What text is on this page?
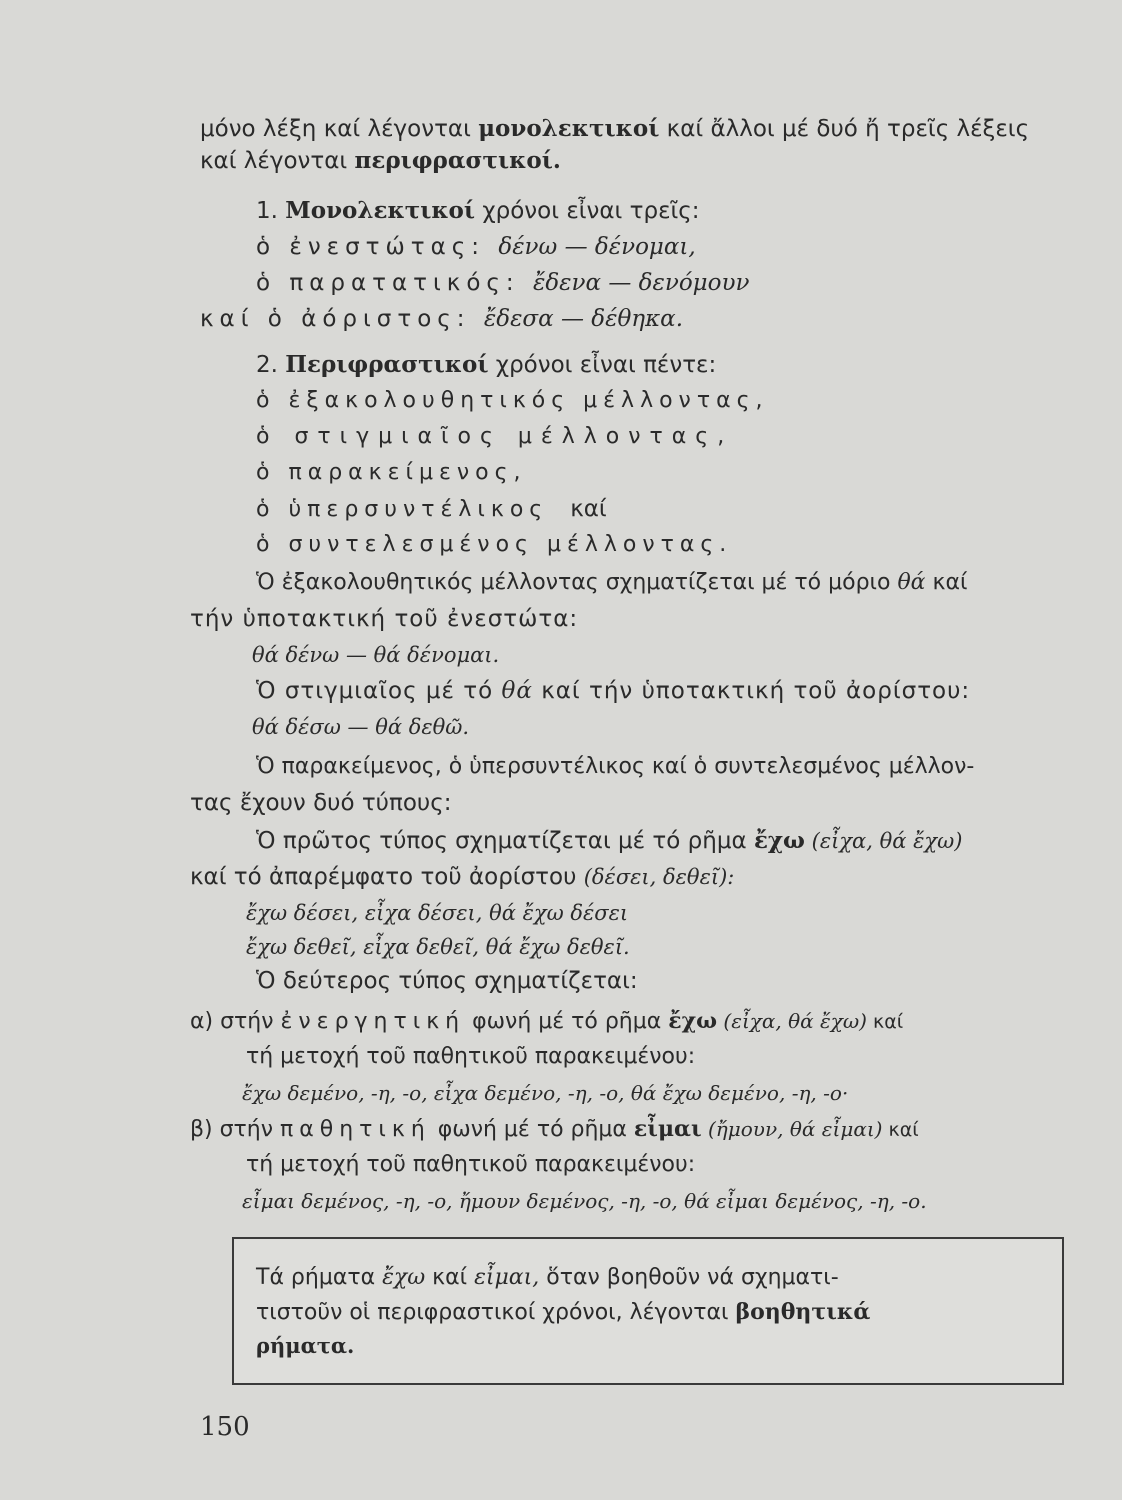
μόνο λέξη καί λέγονται μονολεκτικοί καί ἄλλοι μέ δυό ἤ τρεῖς λέξεις
καί λέγονται περιφραστικοί.
1. Μονολεκτικοί χρόνοι εἶναι τρεῖς:
ὁ ἐνεστώτας: δένω — δένομαι,
ὁ παρατατικός: ἔδενα — δενόμουν
καί ὁ ἀόριστος: ἔδεσα — δέθηκα.
2. Περιφραστικοί χρόνοι εἶναι πέντε:
ὁ ἐξακολουθητικός μέλλοντας,
ὁ στιγμιαῖος μέλλοντας,
ὁ παρακείμενος,
ὁ ὑπερσυντέλικος καί
ὁ συντελεσμένος μέλλοντας.
Ὁ ἐξακολουθητικός μέλλοντας σχηματίζεται μέ τό μόριο θά καί
τήν ὑποτακτική τοῦ ἐνεστώτα:
θά δένω — θά δένομαι.
Ὁ στιγμιαῖος μέ τό θά καί τήν ὑποτακτική τοῦ ἀορίστου:
θά δέσω — θά δεθῶ.
Ὁ παρακείμενος, ὁ ὑπερσυντέλικος καί ὁ συντελεσμένος μέλλον-
τας ἔχουν δυό τύπους:
Ὁ πρῶτος τύπος σχηματίζεται μέ τό ρῆμα ἔχω (εἶχα, θά ἔχω)
καί τό ἀπαρέμφατο τοῦ ἀορίστου (δέσει, δεθεῖ):
ἔχω δέσει, εἶχα δέσει, θά ἔχω δέσει
ἔχω δεθεῖ, εἶχα δεθεῖ, θά ἔχω δεθεῖ.
Ὁ δεύτερος τύπος σχηματίζεται:
α) στήν ἐνεργητική φωνή μέ τό ρῆμα ἔχω (εἶχα, θά ἔχω) καί
τή μετοχή τοῦ παθητικοῦ παρακειμένου:
ἔχω δεμένο, -η, -ο, εἶχα δεμένο, -η, -ο, θά ἔχω δεμένο, -η, -ο·
β) στήν παθητική φωνή μέ τό ρῆμα εἶμαι (ἤμουν, θά εἶμαι) καί
τή μετοχή τοῦ παθητικοῦ παρακειμένου:
εἶμαι δεμένος, -η, -ο, ἤμουν δεμένος, -η, -ο, θά εἶμαι δεμένος, -η, -ο.
Τά ρήματα ἔχω καί εἶμαι, ὅταν βοηθοῦν νά σχηματι-
τιστοῦν οἱ περιφραστικοί χρόνοι, λέγονται βοηθητικά
ρήματα.
150
